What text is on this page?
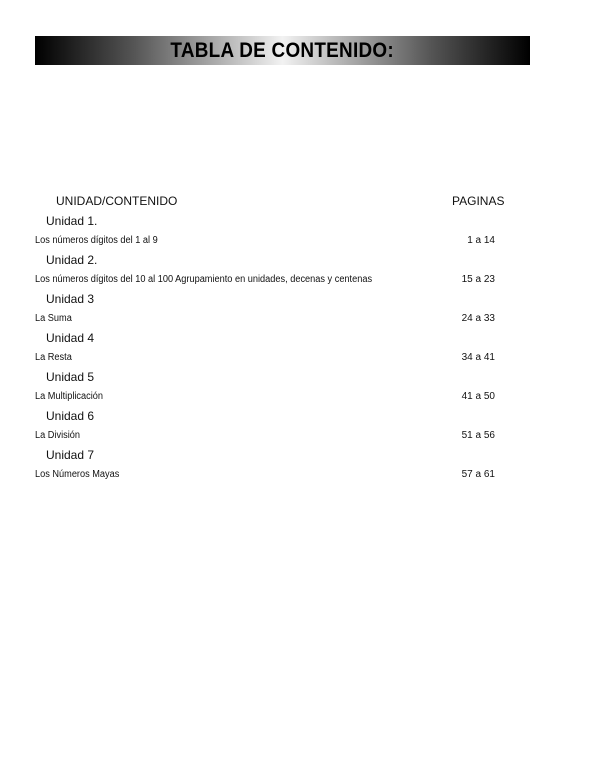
TABLA DE CONTENIDO:
UNIDAD/CONTENIDO	PAGINAS
Unidad 1.
Los números dígitos del 1 al 9	1 a 14
Unidad 2.
Los números dígitos del 10 al 100 Agrupamiento en unidades, decenas y centenas	15 a 23
Unidad 3
La Suma	24 a 33
Unidad 4
La Resta	34 a 41
Unidad 5
La Multiplicación	41 a 50
Unidad 6
La División	51 a 56
Unidad 7
Los Números Mayas	57 a 61
